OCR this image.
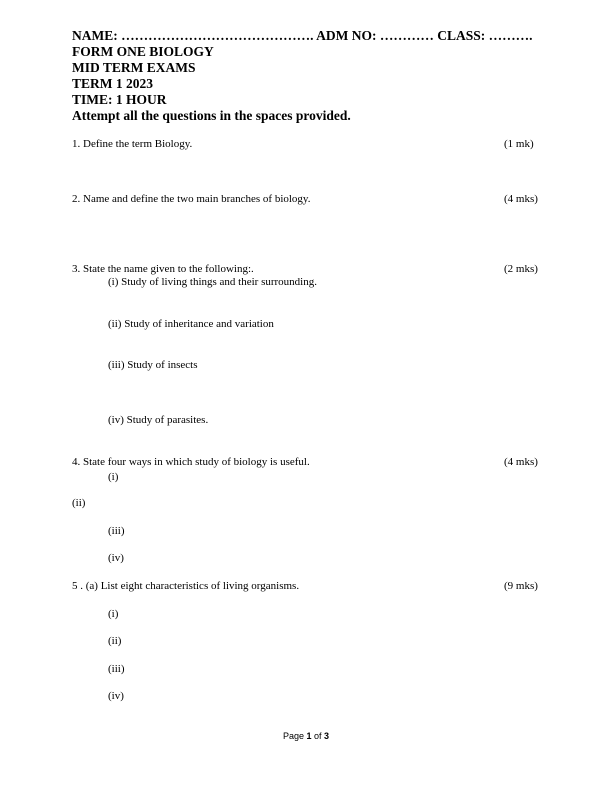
NAME: ……………………………………. ADM NO: ………… CLASS: ……….
FORM ONE BIOLOGY
MID TERM EXAMS
TERM 1 2023
TIME: 1 HOUR
Attempt all the questions in the spaces provided.
1. Define the term Biology.	(1 mk)
2. Name and define the two main branches of biology.	(4 mks)
3. State the name given to the following:.	(2 mks)
(i) Study of living things and their surrounding.
(ii) Study of inheritance and variation
(iii) Study of insects
(iv) Study of parasites.
4. State four ways in which study of biology is useful.	(4 mks)
(i)
(ii)
(iii)
(iv)
5 . (a) List eight characteristics of living organisms.	(9 mks)
(i)
(ii)
(iii)
(iv)
Page 1 of 3
